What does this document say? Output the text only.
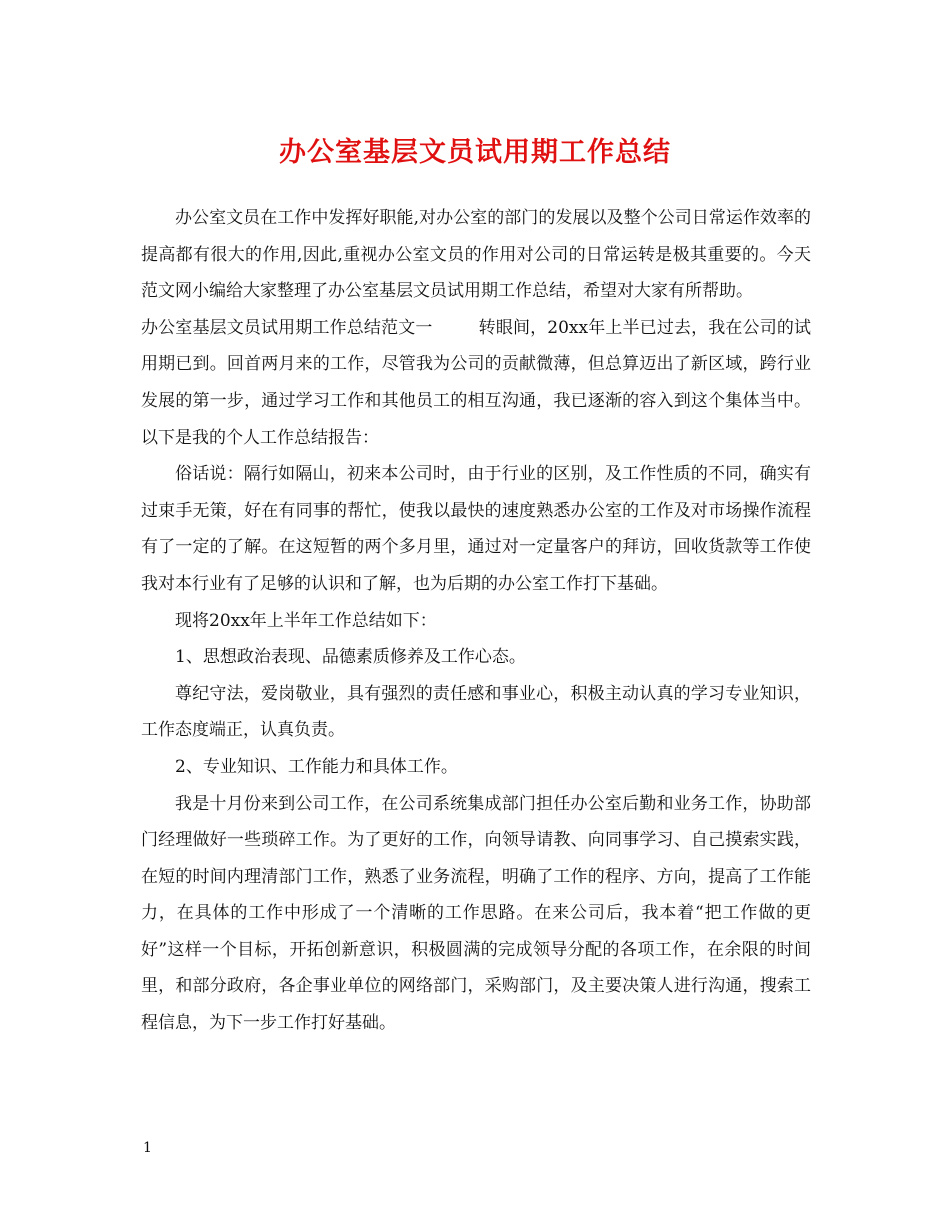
办公室基层文员试用期工作总结

办公室文员在工作中发挥好职能,对办公室的部门的发展以及整个公司日常运作效率的提高都有很大的作用,因此,重视办公室文员的作用对公司的日常运转是极其重要的。今天范文网小编给大家整理了办公室基层文员试用期工作总结，希望对大家有所帮助。

办公室基层文员试用期工作总结范文一	转眼间，20xx年上半已过去，我在公司的试用期已到。回首两月来的工作，尽管我为公司的贡献微薄，但总算迈出了新区域，跨行业发展的第一步，通过学习工作和其他员工的相互沟通，我已逐渐的容入到这个集体当中。以下是我的个人工作总结报告：

俗话说：隔行如隔山，初来本公司时，由于行业的区别，及工作性质的不同，确实有过束手无策，好在有同事的帮忙，使我以最快的速度熟悉办公室的工作及对市场操作流程有了一定的了解。在这短暂的两个多月里，通过对一定量客户的拜访，回收货款等工作使我对本行业有了足够的认识和了解，也为后期的办公室工作打下基础。

现将20xx年上半年工作总结如下：

1、思想政治表现、品德素质修养及工作心态。

尊纪守法，爱岗敬业，具有强烈的责任感和事业心，积极主动认真的学习专业知识，工作态度端正，认真负责。

2、专业知识、工作能力和具体工作。

我是十月份来到公司工作，在公司系统集成部门担任办公室后勤和业务工作，协助部门经理做好一些琐碎工作。为了更好的工作，向领导请教、向同事学习、自己摸索实践，在短的时间内理清部门工作，熟悉了业务流程，明确了工作的程序、方向，提高了工作能力，在具体的工作中形成了一个清晰的工作思路。在来公司后，我本着“把工作做的更好”这样一个目标，开拓创新意识，积极圆满的完成领导分配的各项工作，在余限的时间里，和部分政府，各企事业单位的网络部门，采购部门，及主要决策人进行沟通，搜索工程信息，为下一步工作打好基础。

1
